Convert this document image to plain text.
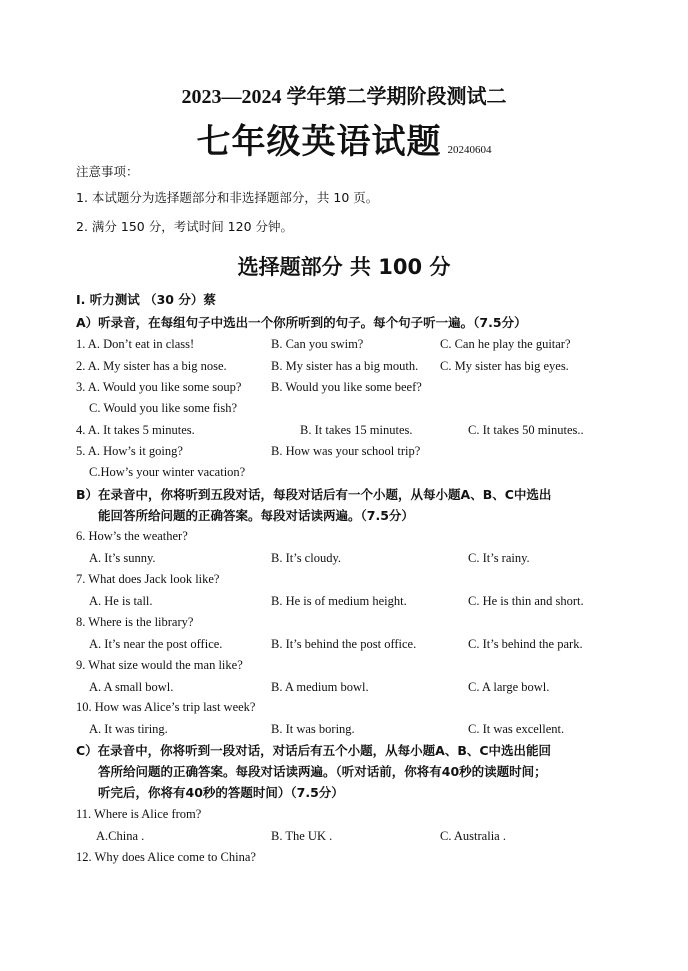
2023—2024 学年第二学期阶段测试二
七年级英语试题 20240604
注意事项：
1. 本试题分为选择题部分和非选择题部分，共 10 页。
2. 满分 150 分，考试时间 120 分钟。
选择题部分 共 100 分
I. 听力测试 （30 分）蔡
A）听录音，在每组句子中选出一个你所听到的句子。每个句子听一遍。（7.5分）
1. A. Don’t eat in class!	B. Can you swim?	C. Can he play the guitar?
2. A. My sister has a big nose.	B. My sister has a big mouth. C. My sister has big eyes.
3. A. Would you like some soup? B. Would you like some beef?
C. Would you like some fish?
4. A. It takes 5 minutes.	B. It takes 15 minutes.	C. It takes 50 minutes..
5. A. How’s it going?	B. How was your school trip?
C.How’s your winter vacation?
B）在录音中，你将听到五段对话，每段对话后有一个小题，从每小题A、B、C中选出
能回答所给问题的正确答案。每段对话读两遍。（7.5分）
6. How’s the weather?
A. It’s sunny.	B. It’s cloudy.	C. It’s rainy.
7. What does Jack look like?
A. He is tall.	B. He is of medium height.	C. He is thin and short.
8. Where is the library?
A. It’s near the post office.	B. It’s behind the post office.	C. It’s behind the park.
9. What size would the man like?
A. A small bowl.	B. A medium bowl.	C. A large bowl.
10. How was Alice’s trip last week?
A. It was tiring.	B. It was boring.	C. It was excellent.
C）在录音中，你将听到一段对话，对话后有五个小题，从每小题A、B、C中选出能回
答所给问题的正确答案。每段对话读两遍。（听对话前，你将有40秒的读题时间；
听完后，你将有40秒的答题时间）（7.5分）
11. Where is Alice from?
A.China .	B. The UK .	C. Australia .
12. Why does Alice come to China?
